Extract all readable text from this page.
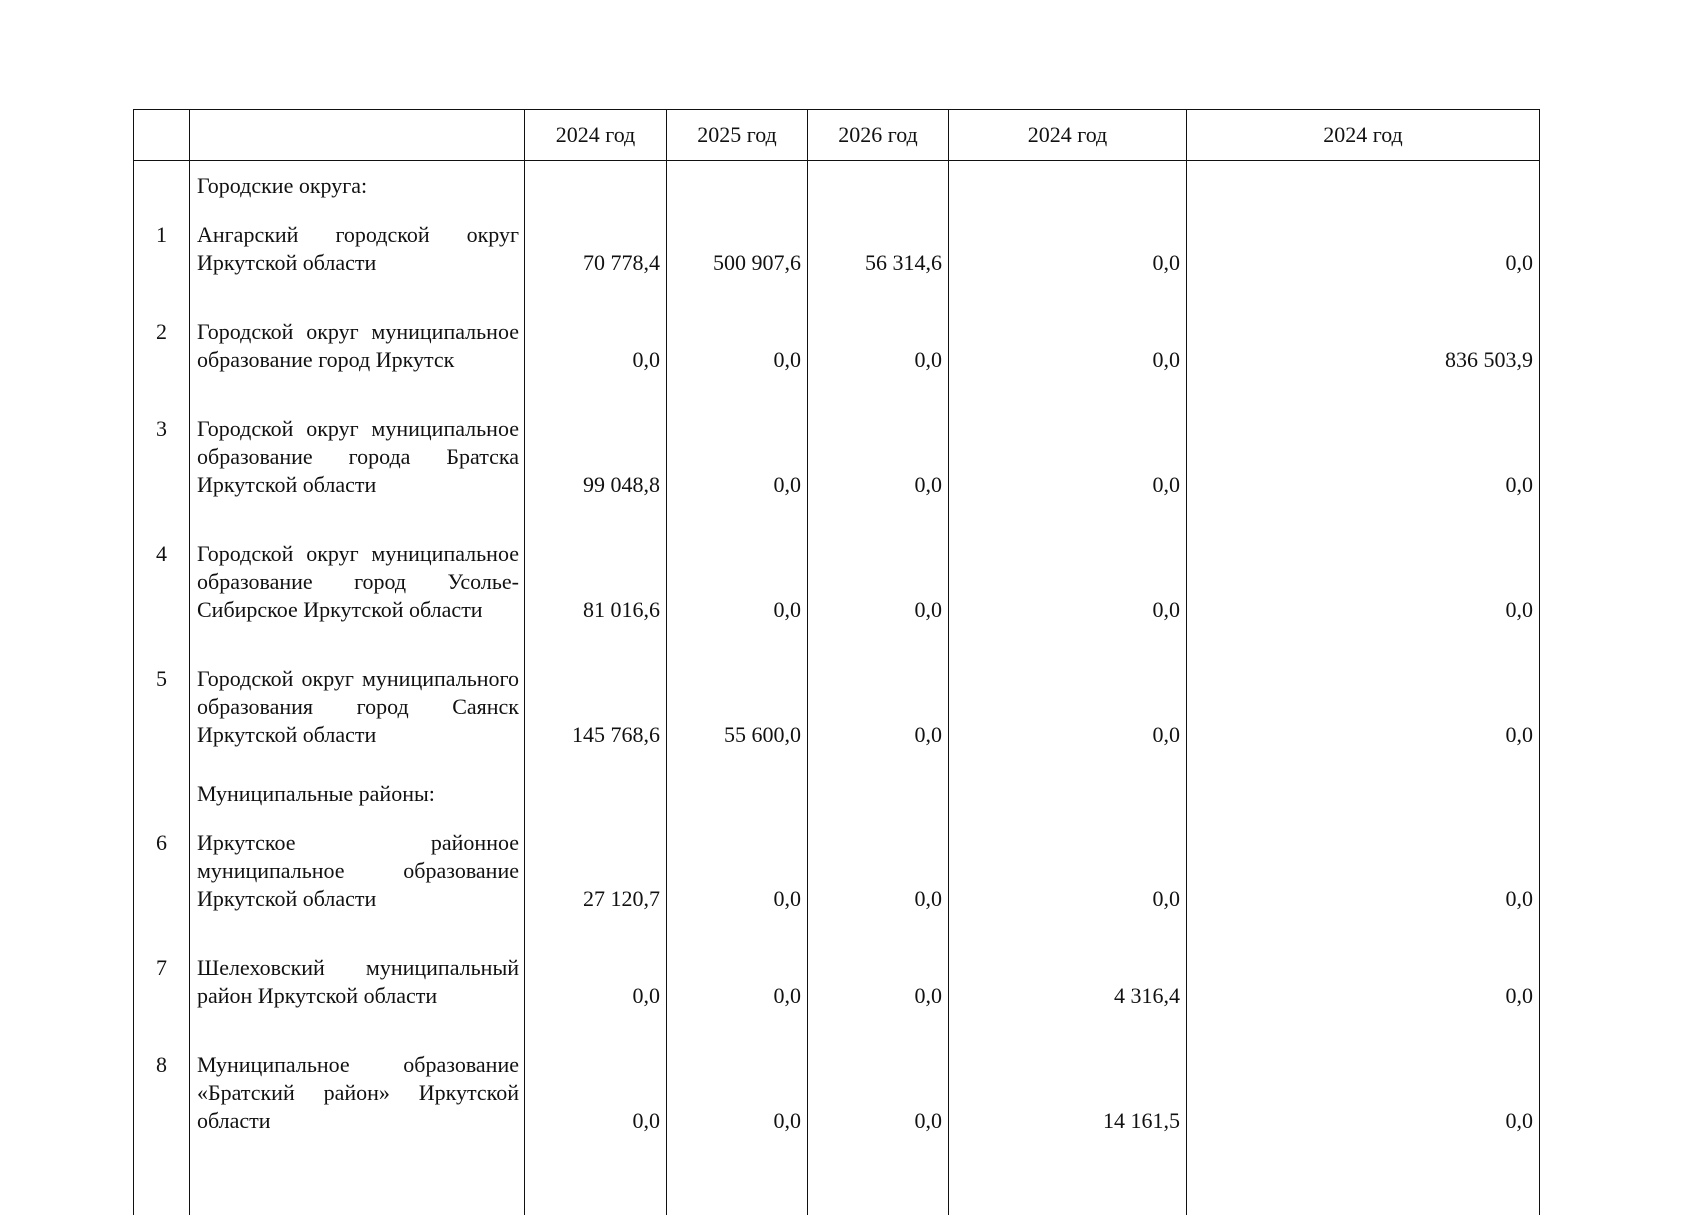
		2024 год	2025 год	2026 год	2024 год	2024 год
	Городские округа:					
1	Ангарский городской округ Иркутской области	70 778,4	500 907,6	56 314,6	0,0	0,0
2	Городской округ муниципальное образование город Иркутск	0,0	0,0	0,0	0,0	836 503,9
3	Городской округ муниципальное образование города Братска Иркутской области	99 048,8	0,0	0,0	0,0	0,0
4	Городской округ муниципальное образование город Усолье-Сибирское Иркутской области	81 016,6	0,0	0,0	0,0	0,0
5	Городской округ муниципального образования город Саянск Иркутской области	145 768,6	55 600,0	0,0	0,0	0,0
	Муниципальные районы:					
6	Иркутское районное муниципальное образование Иркутской области	27 120,7	0,0	0,0	0,0	0,0
7	Шелеховский муниципальный район Иркутской области	0,0	0,0	0,0	4 316,4	0,0
8	Муниципальное образование «Братский район» Иркутской области	0,0	0,0	0,0	14 161,5	0,0
